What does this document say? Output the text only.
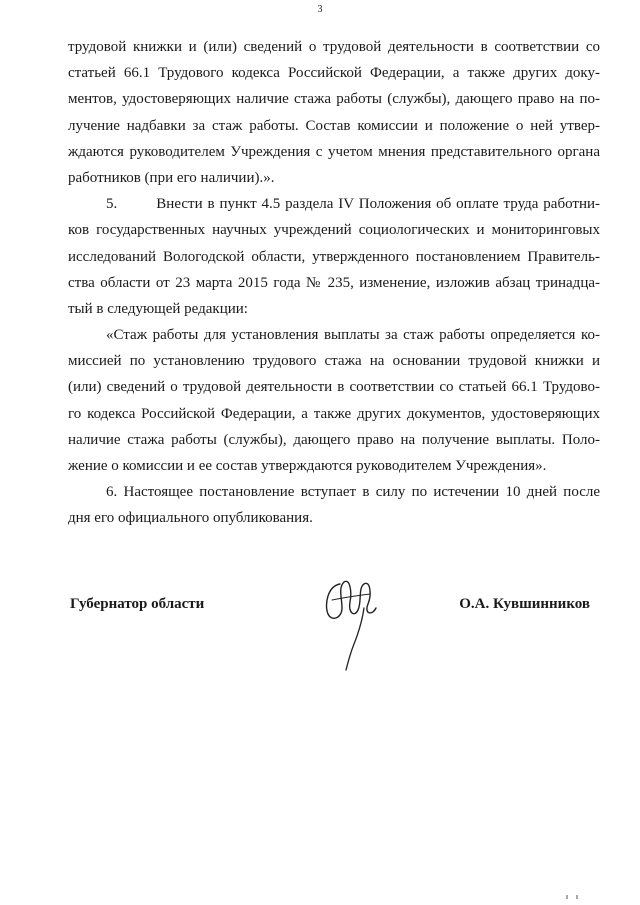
3
трудовой книжки и (или) сведений о трудовой деятельности в соответствии со
статьей 66.1 Трудового кодекса Российской Федерации, а также других доку-
ментов, удостоверяющих наличие стажа работы (службы), дающего право на по-
лучение надбавки за стаж работы. Состав комиссии и положение о ней утвер-
ждаются руководителем Учреждения с учетом мнения представительного органа
работников (при его наличии).».
5.        Внести в пункт 4.5 раздела IV Положения об оплате труда работни-
ков государственных научных учреждений социологических и мониторинговых
исследований Вологодской области, утвержденного постановлением Правитель-
ства области от 23 марта 2015 года № 235, изменение, изложив абзац тринадца-
тый в следующей редакции:
«Стаж работы для установления выплаты за стаж работы определяется ко-
миссией по установлению трудового стажа на основании трудовой книжки и
(или) сведений о трудовой деятельности в соответствии со статьей 66.1 Трудово-
го кодекса Российской Федерации, а также других документов, удостоверяющих
наличие стажа работы (службы), дающего право на получение выплаты. Поло-
жение о комиссии и ее состав утверждаются руководителем Учреждения».
6. Настоящее постановление вступает в силу по истечении 10 дней после
дня его официального опубликования.
Губернатор области	О.А. Кувшинников
